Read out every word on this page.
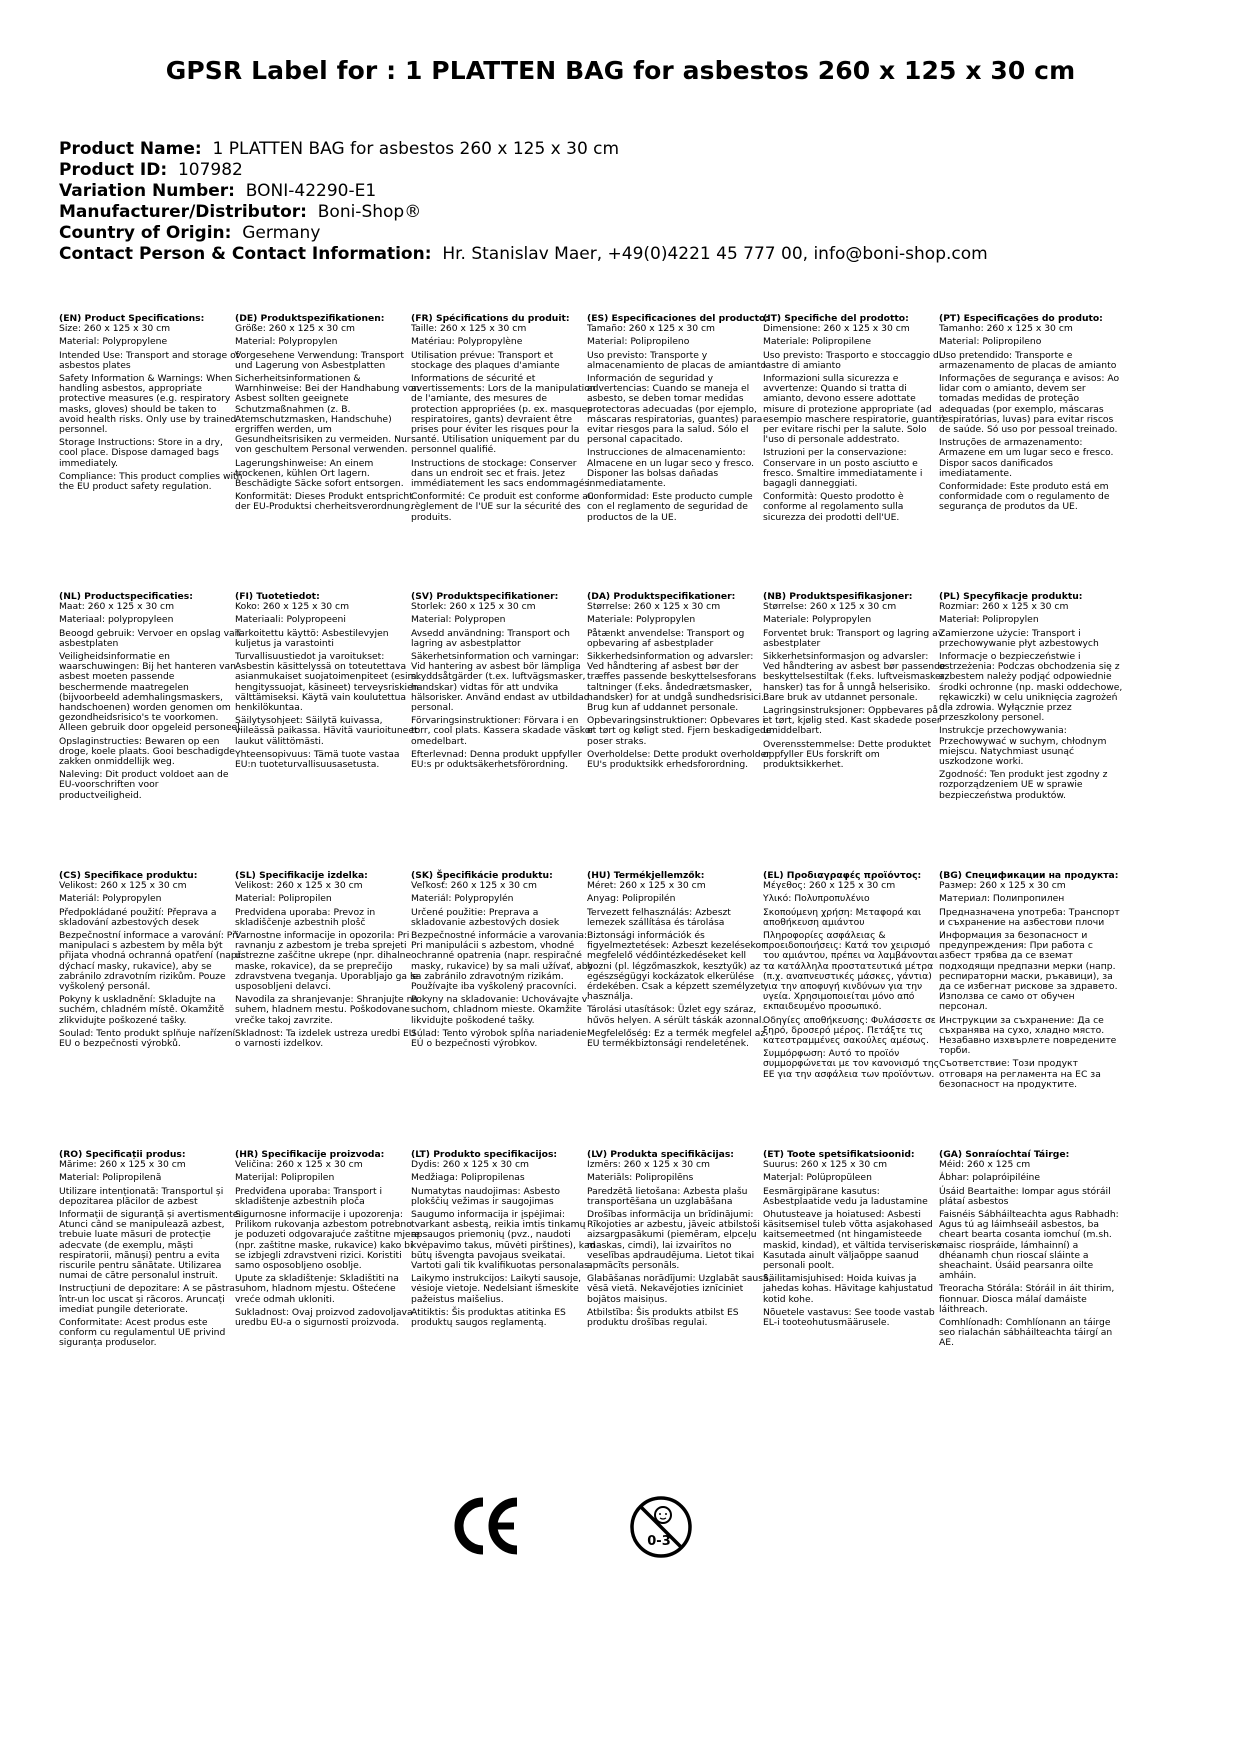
GPSR Label for : 1 PLATTEN BAG for asbestos 260 x 125 x 30 cm
Product Name: 1 PLATTEN BAG for asbestos 260 x 125 x 30 cm
Product ID: 107982
Variation Number: BONI-42290-E1
Manufacturer/Distributor: Boni-Shop®
Country of Origin: Germany
Contact Person & Contact Information: Hr. Stanislav Maer, +49(0)4221 45 777 00, info@boni-shop.com
(EN) Product Specifications:
Size: 260 x 125 x 30 cm
Material: Polypropylene
Intended Use: Transport and storage of asbestos plates
Safety Information & Warnings: When handling asbestos, appropriate protective measures (e.g. respiratory masks, gloves) should be taken to avoid health risks. Only use by trained personnel.
Storage Instructions: Store in a dry, cool place. Dispose damaged bags immediately.
Compliance: This product complies with the EU product safety regulation.
(DE) Produktspezifikationen:
Größe: 260 x 125 x 30 cm
Material: Polypropylen
Vorgesehene Verwendung: Transport und Lagerung von Asbestplatten
Sicherheitsinformationen & Warnhinweise: Bei der Handhabung von Asbest sollten geeignete Schutzmaßnahmen (z. B. Atemschutzmasken, Handschuhe) ergriffen werden, um Gesundheitsrisiken zu vermeiden. Nur von geschultem Personal verwenden.
Lagerungshinweise: An einem trockenen, kühlen Ort lagern. Beschädigte Säcke sofort entsorgen.
Konformität: Dieses Produkt entspricht der EU-Produktsi cherheitsverordnung.
(FR) Spécifications du produit:
Taille: 260 x 125 x 30 cm
Matériau: Polypropylène
Utilisation prévue: Transport et stockage des plaques d'amiante
Informations de sécurité et avertissements: Lors de la manipulation de l'amiante, des mesures de protection appropriées (p. ex. masques respiratoires, gants) devraient être prises pour éviter les risques pour la santé. Utilisation uniquement par du personnel qualifié.
Instructions de stockage: Conserver dans un endroit sec et frais. Jetez immédiatement les sacs endommagés.
Conformité: Ce produit est conforme au règlement de l'UE sur la sécurité des produits.
(ES) Especificaciones del producto:
Tamaño: 260 x 125 x 30 cm
Material: Polipropileno
Uso previsto: Transporte y almacenamiento de placas de amianto
Información de seguridad y advertencias: Cuando se maneja el asbesto, se deben tomar medidas protectoras adecuadas (por ejemplo, máscaras respiratorias, guantes) para evitar riesgos para la salud. Sólo el personal capacitado.
Instrucciones de almacenamiento: Almacene en un lugar seco y fresco. Disponer las bolsas dañadas inmediatamente.
Conformidad: Este producto cumple con el reglamento de seguridad de productos de la UE.
(IT) Specifiche del prodotto:
Dimensione: 260 x 125 x 30 cm
Materiale: Polipropilene
Uso previsto: Trasporto e stoccaggio di lastre di amianto
Informazioni sulla sicurezza e avvertenze: Quando si tratta di amianto, devono essere adottate misure di protezione appropriate (ad esempio maschere respiratorie, guanti) per evitare rischi per la salute. Solo l'uso di personale addestrato.
Istruzioni per la conservazione: Conservare in un posto asciutto e fresco. Smaltire immediatamente i bagagli danneggiati.
Conformità: Questo prodotto è conforme al regolamento sulla sicurezza dei prodotti dell'UE.
(PT) Especificações do produto:
Tamanho: 260 x 125 x 30 cm
Material: Polipropileno
Uso pretendido: Transporte e armazenamento de placas de amianto
Informações de segurança e avisos: Ao lidar com o amianto, devem ser tomadas medidas de proteção adequadas (por exemplo, máscaras respiratórias, luvas) para evitar riscos de saúde. Só uso por pessoal treinado.
Instruções de armazenamento: Armazene em um lugar seco e fresco. Dispor sacos danificados imediatamente.
Conformidade: Este produto está em conformidade com o regulamento de segurança de produtos da UE.
(NL) Productspecificaties:
Maat: 260 x 125 x 30 cm
Materiaal: polypropyleen
Beoogd gebruik: Vervoer en opslag van asbestplaten
Veiligheidsinformatie en waarschuwingen: Bij het hanteren van asbest moeten passende beschermende maatregelen (bijvoorbeeld ademhalingsmaskers, handschoenen) worden genomen om gezondheidsrisico's te voorkomen. Alleen gebruik door opgeleid personeel.
Opslaginstructies: Bewaren op een droge, koele plaats. Gooi beschadigde zakken onmiddellijk weg.
Naleving: Dit product voldoet aan de EU-voorschriften voor productveiligheid.
(FI) Tuotetiedot:
Koko: 260 x 125 x 30 cm
Materiaali: Polypropeeni
Tarkoitettu käyttö: Asbestilevyjen kuljetus ja varastointi
Turvallisuustiedot ja varoitukset: Asbestin käsittelyssä on toteutettava asianmukaiset suojatoimenpiteet (esim. hengityssuojat, käsineet) terveysriskien välttämiseksi. Käytä vain koulutettua henkilökuntaa.
Säilytysohjeet: Säilytä kuivassa, viileässä paikassa. Hävitä vaurioituneet laukut välittömästi.
Yhteensopivuus: Tämä tuote vastaa EU:n tuoteturvallisuusasetusta.
(SV) Produktspecifikationer:
Storlek: 260 x 125 x 30 cm
Material: Polypropen
Avsedd användning: Transport och lagring av asbestplattor
Säkerhetsinformation och varningar: Vid hantering av asbest bör lämpliga skyddsåtgärder (t.ex. luftvägsmasker, handskar) vidtas för att undvika hälsorisker. Använd endast av utbildad personal.
Förvaringsinstruktioner: Förvara i en torr, cool plats. Kassera skadade väskor omedelbart.
Efterlevnad: Denna produkt uppfyller EU:s pr oduktsäkerhetsförordning.
(DA) Produktspecifikationer:
Størrelse: 260 x 125 x 30 cm
Materiale: Polypropylen
Påtænkt anvendelse: Transport og opbevaring af asbestplader
Sikkerhedsinformation og advarsler: Ved håndtering af asbest bør der træffes passende beskyttelsesforans taltninger (f.eks. åndedrætsmasker, handsker) for at undgå sundhedsrisici. Brug kun af uddannet personale.
Opbevaringsinstruktioner: Opbevares i et tørt og køligt sted. Fjern beskadigede poser straks.
Overholdelse: Dette produkt overholder EU's produktsikk erhedsforordning.
(NB) Produktspesifikasjoner:
Størrelse: 260 x 125 x 30 cm
Materiale: Polypropylen
Forventet bruk: Transport og lagring av asbestplater
Sikkerhetsinformasjon og advarsler: Ved håndtering av asbest bør passende beskyttelsestiltak (f.eks. luftveismasker, hansker) tas for å unngå helserisiko. Bare bruk av utdannet personale.
Lagringsinstruksjoner: Oppbevares på et tørt, kjølig sted. Kast skadede poser umiddelbart.
Overensstemmelse: Dette produktet oppfyller EUs forskrift om produktsikkerhet.
(PL) Specyfikacje produktu:
Rozmiar: 260 x 125 x 30 cm
Materiał: Polipropylen
Zamierzone użycie: Transport i przechowywanie płyt azbestowych
Informacje o bezpieczeństwie i ostrzeżenia: Podczas obchodzenia się z azbestem należy podjąć odpowiednie środki ochronne (np. maski oddechowe, rękawiczki) w celu uniknięcia zagrożeń dla zdrowia. Wyłącznie przez przeszkolony personel.
Instrukcje przechowywania: Przechowywać w suchym, chłodnym miejscu. Natychmiast usunąć uszkodzone worki.
Zgodność: Ten produkt jest zgodny z rozporządzeniem UE w sprawie bezpieczeństwa produktów.
(CS) Specifikace produktu:
Velikost: 260 x 125 x 30 cm
Materiál: Polypropylen
Předpokládané použití: Přeprava a skladování azbestových desek
Bezpečnostní informace a varování: Při manipulaci s azbestem by měla být přijata vhodná ochranná opatření (např. dýchací masky, rukavice), aby se zabránilo zdravotním rizikům. Pouze vyškolený personál.
Pokyny k uskladnění: Skladujte na suchém, chladném místě. Okamžitě zlikvidujte poškozené tašky.
Soulad: Tento produkt splňuje nařízení EU o bezpečnosti výrobků.
(SL) Specifikacije izdelka:
Velikost: 260 x 125 x 30 cm
Material: Polipropilen
Predvidena uporaba: Prevoz in skladiščenje azbestnih plošč
Varnostne informacije in opozorila: Pri ravnanju z azbestom je treba sprejeti ustrezne zaščitne ukrepe (npr. dihalne maske, rokavice), da se preprečijo zdravstvena tveganja. Uporabljajo ga le usposobljeni delavci.
Navodila za shranjevanje: Shranjujte na suhem, hladnem mestu. Poškodovane vrečke takoj zavrzite.
Skladnost: Ta izdelek ustreza uredbi EU o varnosti izdelkov.
(SK) Špecifikácie produktu:
Veľkosť: 260 x 125 x 30 cm
Materiál: Polypropylén
Určené použitie: Preprava a skladovanie azbestových dosiek
Bezpečnostné informácie a varovania: Pri manipulácii s azbestom, vhodné ochranné opatrenia (napr. respiračné masky, rukavice) by sa mali užívať, aby sa zabránilo zdravotným rizikám. Používajte iba vyškolený pracovníci.
Pokyny na skladovanie: Uchovávajte v suchom, chladnom mieste. Okamžite likvidujte poškodené tašky.
Súlad: Tento výrobok spĺňa nariadenie EÚ o bezpečnosti výrobkov.
(HU) Termékjellemzők:
Méret: 260 x 125 x 30 cm
Anyag: Polipropilén
Tervezett felhasználás: Azbeszt lemezek szállítása és tárolása
Biztonsági információk és figyelmeztetések: Azbeszt kezelésekor megfelelő védőintézkedéseket kell hozni (pl. légzőmaszkok, kesztyűk) az egészségügyi kockázatok elkerülése érdekében. Csak a képzett személyzet használja.
Tárolási utasítások: Üzlet egy száraz, hűvös helyen. A sérült táskák azonnal.
Megfelelőség: Ez a termék megfelel az EU termékbiztonsági rendeletének.
(EL) Προδιαγραφές προϊόντος:
Μέγεθος: 260 x 125 x 30 cm
Υλικό: Πολυπροπυλένιο
Σκοπούμενη χρήση: Μεταφορά και αποθήκευση αμιάντου
Πληροφορίες ασφάλειας & προειδοποιήσεις: Κατά τον χειρισμό του αμιάντου, πρέπει να λαμβάνονται τα κατάλληλα προστατευτικά μέτρα (π.χ. αναπνευστικές μάσκες, γάντια) για την αποφυγή κινδύνων για την υγεία. Χρησιμοποιείται μόνο από εκπαιδευμένο προσωπικό.
Οδηγίες αποθήκευσης: Φυλάσσετε σε ξηρό, δροσερό μέρος. Πετάξτε τις κατεστραμμένες σακούλες αμέσως.
Συμμόρφωση: Αυτό το προϊόν συμμορφώνεται με τον κανονισμό της ΕΕ για την ασφάλεια των προϊόντων.
(BG) Спецификации на продукта:
Размер: 260 x 125 x 30 cm
Материал: Полипропилен
Предназначена употреба: Транспорт и съхранение на азбестови плочи
Информация за безопасност и предупреждения: При работа с азбест трябва да се вземат подходящи предпазни мерки (напр. респираторни маски, ръкавици), за да се избегнат рискове за здравето. Използва се само от обучен персонал.
Инструкции за съхранение: Да се съхранява на сухо, хладно място. Незабавно изхвърлете повредените торби.
Съответствие: Този продукт отговаря на регламента на ЕС за безопасност на продуктите.
(RO) Specificații produs:
Mărime: 260 x 125 x 30 cm
Material: Polipropilenă
Utilizare intenționată: Transportul și depozitarea plăcilor de azbest
Informații de siguranță și avertismente: Atunci când se manipulează azbest, trebuie luate măsuri de protecție adecvate (de exemplu, măști respiratorii, mănuși) pentru a evita riscurile pentru sănătate. Utilizarea numai de către personalul instruit.
Instrucțiuni de depozitare: A se păstra într-un loc uscat și răcoros. Aruncați imediat pungile deteriorate.
Conformitate: Acest produs este conform cu regulamentul UE privind siguranța produselor.
(HR) Specifikacije proizvoda:
Veličina: 260 x 125 x 30 cm
Materijal: Polipropilen
Predviđena uporaba: Transport i skladištenje azbestnih ploča
Sigurnosne informacije i upozorenja: Prilikom rukovanja azbestom potrebno je poduzeti odgovarajuće zaštitne mjere (npr. zaštitne maske, rukavice) kako bi se izbjegli zdravstveni rizici. Koristiti samo osposobljeno osoblje.
Upute za skladištenje: Skladištiti na suhom, hladnom mjestu. Oštećene vreće odmah ukloniti.
Sukladnost: Ovaj proizvod zadovoljava uredbu EU-a o sigurnosti proizvoda.
(LT) Produkto specifikacijos:
Dydis: 260 x 125 x 30 cm
Medžiaga: Polipropilenas
Numatytas naudojimas: Asbesto plokščių vežimas ir saugojimas
Saugumo informacija ir įspėjimai: tvarkant asbestą, reikia imtis tinkamų apsaugos priemonių (pvz., naudoti kvėpavimo takus, mūvėti pirštines), kad būtų išvengta pavojaus sveikatai. Vartoti gali tik kvalifikuotas personalas.
Laikymo instrukcijos: Laikyti sausoje, vėsioje vietoje. Nedelsiant išmeskite pažeistus maišelius.
Atitiktis: Šis produktas atitinka ES produktų saugos reglamentą.
(LV) Produkta specifikācijas:
Izmērs: 260 x 125 x 30 cm
Materiāls: Polipropilēns
Paredzētā lietošana: Azbesta plašu transportēšana un uzglabāšana
Drošības informācija un brīdinājumi: Rīkojoties ar azbestu, jāveic atbilstoši aizsargpasākumi (piemēram, elpceļu maskas, cimdi), lai izvairītos no veselības apdraudējuma. Lietot tikai apmācīts personāls.
Glabāšanas norādījumi: Uzglabāt sausā, vēsā vietā. Nekavējoties iznīciniet bojātos maisiņus.
Atbilstība: Šis produkts atbilst ES produktu drošības regulai.
(ET) Toote spetsifikatsioonid:
Suurus: 260 x 125 x 30 cm
Materjal: Polüpropüleen
Eesmärgipärane kasutus: Asbestplaatide vedu ja ladustamine
Ohutusteave ja hoiatused: Asbesti käsitsemisel tuleb võtta asjakohased kaitsemeetmed (nt hingamisteede maskid, kindad), et vältida terviseriske. Kasutada ainult väljaõppe saanud personali poolt.
Säilitamisjuhised: Hoida kuivas ja jahedas kohas. Hävitage kahjustatud kotid kohe.
Nõuetele vastavus: See toode vastab EL-i tooteohutusmäärusele.
(GA) Sonraíochtaí Táirge:
Méid: 260 x 125 cm
Ábhar: polapróipiléine
Úsáid Beartaithe: Iompar agus stóráil plátaí asbestos
Faisnéis Sábháilteachta agus Rabhadh: Agus tú ag láimhseáil asbestos, ba cheart bearta cosanta iomchuí (m.sh. maisc riospráide, lámhainní) a dhéanamh chun rioscaí sláinte a sheachaint. Úsáid pearsanra oilte amháin.
Treoracha Stórála: Stóráil in áit thirim, fionnuar. Diosca málaí damáiste láithreach.
Comhlíonadh: Comhlíonann an táirge seo rialachán sábháilteachta táirgí an AE.
0-3
